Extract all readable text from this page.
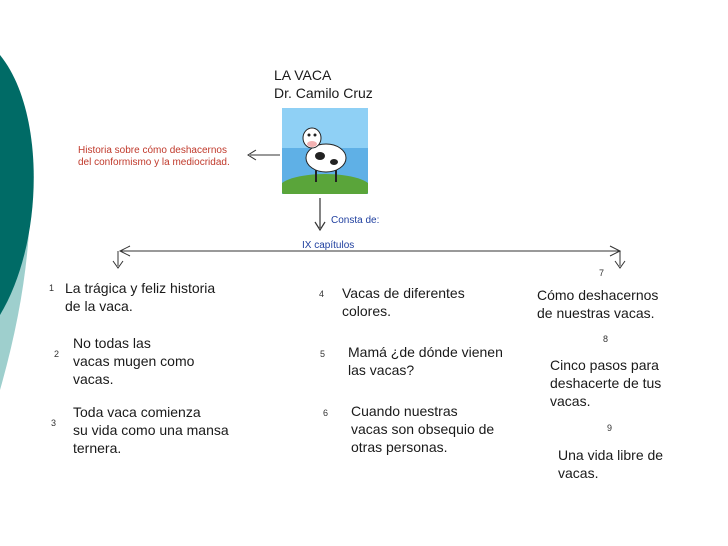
LA VACA
Dr. Camilo Cruz
Historia sobre cómo deshacernos
del conformismo y la mediocridad.
Consta de:
IX capítulos
1 La trágica y feliz historia
de la vaca.
2
No todas las
vacas mugen como
vacas.
3
Toda vaca comienza
su vida como una mansa
ternera.
4 Vacas de diferentes
colores.
5 Mamá ¿de dónde vienen
las vacas?
6 Cuando nuestras
vacas son obsequio de
otras personas.
7
Cómo deshacernos
de nuestras vacas.
8
Cinco pasos para
deshacerte de tus
vacas.
9
Una vida libre de
vacas.
